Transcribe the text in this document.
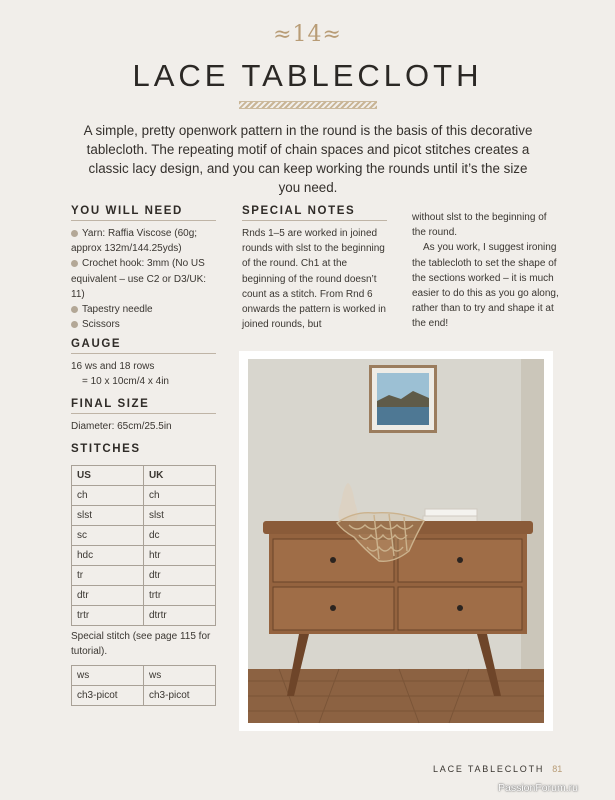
≈14≈
LACE TABLECLOTH
A simple, pretty openwork pattern in the round is the basis of this decorative tablecloth. The repeating motif of chain spaces and picot stitches creates a classic lacy design, and you can keep working the rounds until it’s the size you need.
YOU WILL NEED
Yarn: Raffia Viscose (60g; approx 132m/144.25yds)
Crochet hook: 3mm (No US equivalent – use C2 or D3/UK: 11)
Tapestry needle
Scissors
GAUGE
16 ws and 18 rows
= 10 x 10cm/4 x 4in
FINAL SIZE
Diameter: 65cm/25.5in
STITCHES
US	UK
ch	ch
slst	slst
sc	dc
hdc	htr
tr	dtr
dtr	trtr
trtr	dtrtr
Special stitch (see page 115 for tutorial).
ws	ws
ch3-picot	ch3-picot
SPECIAL NOTES
Rnds 1–5 are worked in joined rounds with slst to the beginning of the round. Ch1 at the beginning of the round doesn’t count as a stitch. From Rnd 6 onwards the pattern is worked in joined rounds, but
without slst to the beginning of the round.
As you work, I suggest ironing the tablecloth to set the shape of the sections worked – it is much easier to do this as you go along, rather than to try and shape it at the end!
LACE TABLECLOTH 81
PassionForum.ru
